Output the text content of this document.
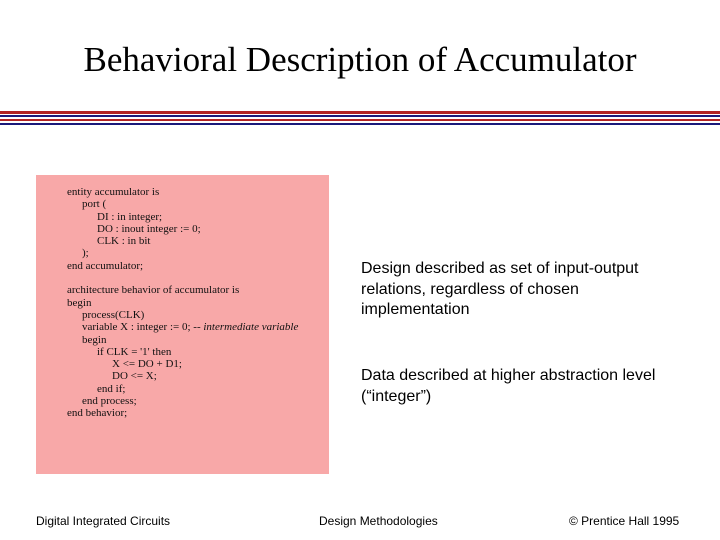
Behavioral Description of Accumulator
entity accumulator is
port (
DI : in integer;
DO : inout integer := 0;
CLK : in bit
);
end accumulator;
architecture behavior of accumulator is
begin
process(CLK)
variable X : integer := 0; -- intermediate variable
begin
if CLK = '1' then
X <= DO + D1;
DO <= X;
end if;
end process;
end behavior;
Design described as set of input-output relations, regardless of chosen implementation
Data described at higher abstraction level (“integer”)
Digital Integrated Circuits	Design Methodologies	© Prentice Hall 1995
